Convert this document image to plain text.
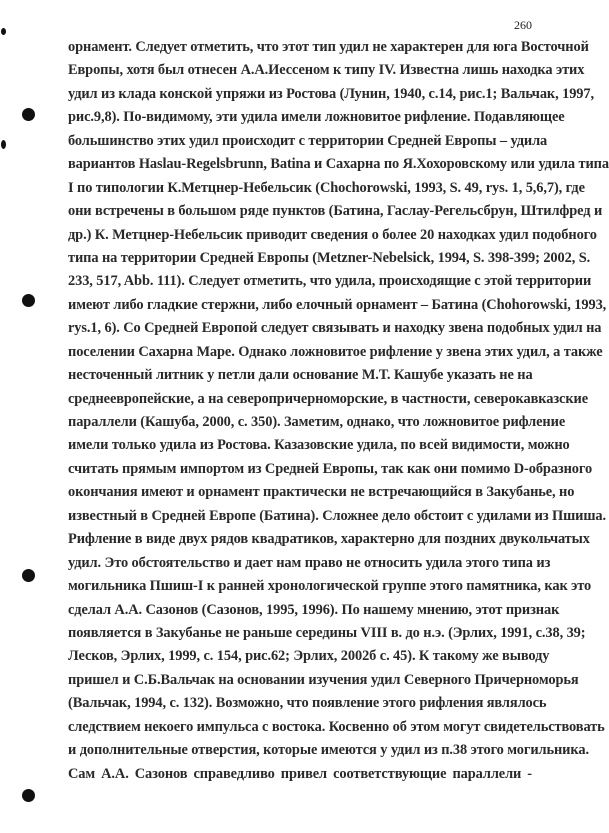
260
орнамент. Следует отметить, что этот тип удил не характерен для юга Восточной
Европы, хотя был отнесен А.А.Иессеном к типу IV. Известна лишь находка этих
удил из клада конской упряжи из Ростова (Лунин, 1940, с.14, рис.1; Вальчак, 1997,
рис.9,8). По-видимому, эти удила имели ложновитое рифление. Подавляющее
большинство этих удил происходит с территории Средней Европы – удила
вариантов Haslau-Regelsbrunn, Batina и Сахарна по Я.Хохоровскому или удила типа
I по типологии К.Метцнер-Небельсик (Chochorowski, 1993, S. 49, rys. 1, 5,6,7), где
они встречены в большом ряде пунктов (Батина, Гаслау-Регельсбрун, Штилфред и
др.) К. Метцнер-Небельсик приводит сведения о более 20 находках удил подобного
типа на территории Средней Европы (Metzner-Nebelsick, 1994, S. 398-399; 2002, S.
233, 517, Abb. 111). Следует отметить, что удила, происходящие с этой территории
имеют либо гладкие стержни, либо елочный орнамент – Батина (Chohorowski, 1993,
rys.1, 6). Со Средней Европой следует связывать и находку звена подобных удил на
поселении Сахарна Маре. Однако ложновитое рифление у звена этих удил, а также
несточенный литник у петли дали основание М.Т. Кашубе указать не на
среднеевропейские, а на северопричерноморские, в частности, северокавказские
параллели (Кашуба, 2000, с. 350). Заметим, однако, что ложновитое рифление
имели только удила из Ростова. Казазовские удила, по всей видимости, можно
считать прямым импортом из Средней Европы, так как они помимо D-образного
окончания имеют и орнамент практически не встречающийся в Закубанье, но
известный в Средней Европе (Батина). Сложнее дело обстоит с удилами из Пшиша.
Рифление в виде двух рядов квадратиков, характерно для поздних двукольчатых
удил. Это обстоятельство и дает нам право не относить удила этого типа из
могильника Пшиш-I к ранней хронологической группе этого памятника, как это
сделал А.А. Сазонов (Сазонов, 1995, 1996). По нашему мнению, этот признак
появляется в Закубанье не раньше середины VIII в. до н.э. (Эрлих, 1991, с.38, 39;
Лесков, Эрлих, 1999, с. 154, рис.62; Эрлих, 2002б с. 45). К такому же выводу
пришел и С.Б.Вальчак на основании изучения удил Северного Причерноморья
(Вальчак, 1994, с. 132). Возможно, что появление этого рифления являлось
следствием некоего импульса с востока. Косвенно об этом могут свидетельствовать
и дополнительные отверстия, которые имеются у удил из п.38 этого могильника.
Сам А.А. Сазонов справедливо привел соответствующие параллели -
